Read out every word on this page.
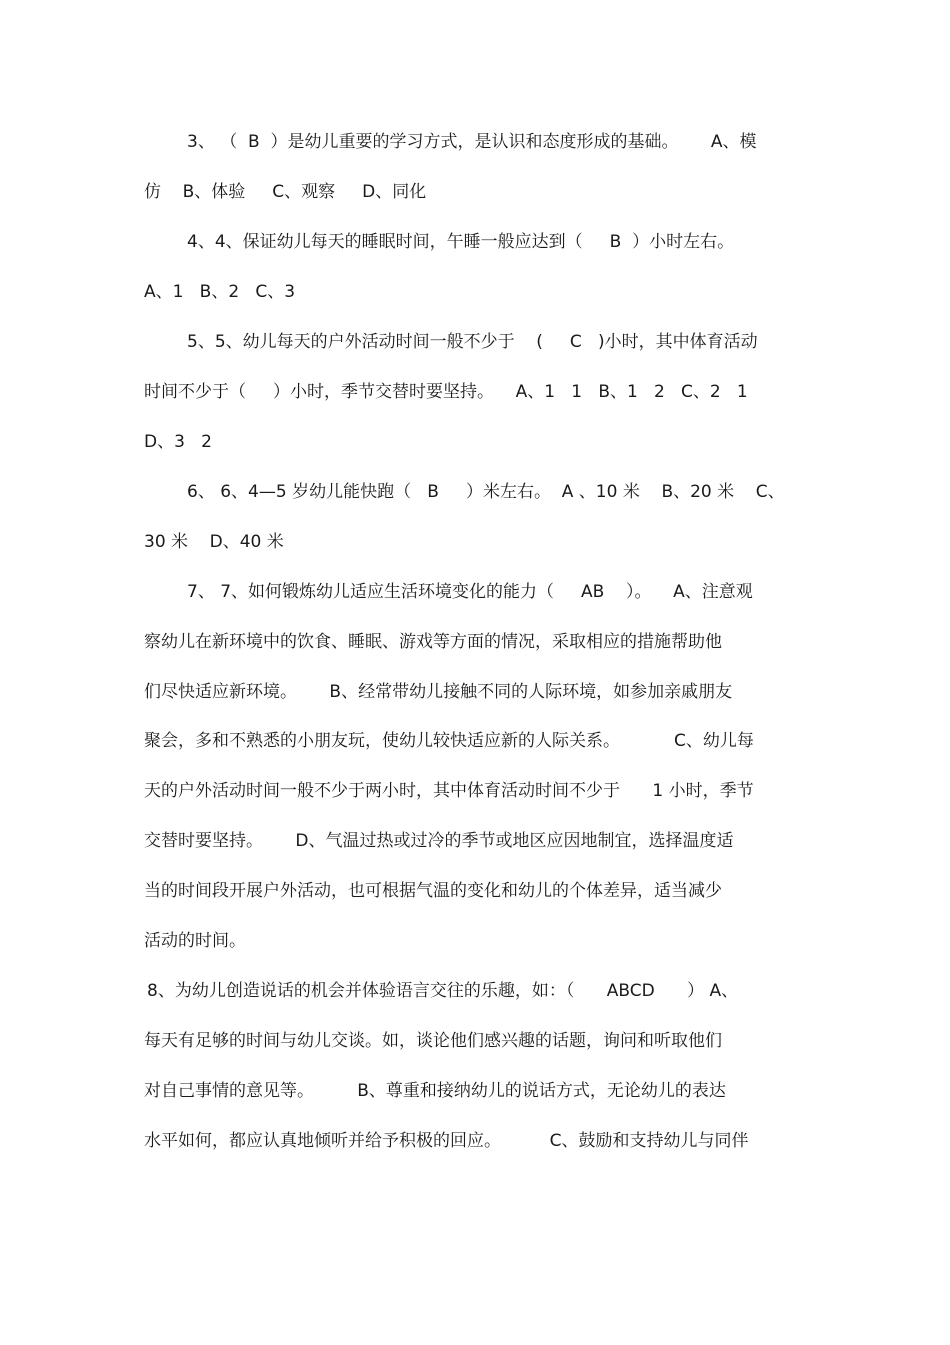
3、 （  B  ）是幼儿重要的学习方式，是认识和态度形成的基础。      A、模
仿    B、体验     C、观察     D、同化
4、4、保证幼儿每天的睡眠时间，午睡一般应达到（     B  ）小时左右。
A、1   B、2   C、3
5、5、幼儿每天的户外活动时间一般不少于    (     C   )小时，其中体育活动
时间不少于（     ）小时，季节交替时要坚持。    A、1   1   B、1   2   C、2   1
D、3   2
6、 6、4—5 岁幼儿能快跑（   B     ）米左右。  A 、10 米    B、20 米    C、
30 米    D、40 米
7、 7、如何锻炼幼儿适应生活环境变化的能力（     AB    ）。    A、注意观
察幼儿在新环境中的饮食、睡眠、游戏等方面的情况，采取相应的措施帮助他
们尽快适应新环境。      B、经常带幼儿接触不同的人际环境，如参加亲戚朋友
聚会，多和不熟悉的小朋友玩，使幼儿较快适应新的人际关系。          C、幼儿每
天的户外活动时间一般不少于两小时，其中体育活动时间不少于      1 小时，季节
交替时要坚持。      D、气温过热或过冷的季节或地区应因地制宜，选择温度适
当的时间段开展户外活动，也可根据气温的变化和幼儿的个体差异，适当减少
活动的时间。
8、为幼儿创造说话的机会并体验语言交往的乐趣，如：（      ABCD      ） A、
每天有足够的时间与幼儿交谈。如，谈论他们感兴趣的话题，询问和听取他们
对自己事情的意见等。        B、尊重和接纳幼儿的说话方式，无论幼儿的表达
水平如何，都应认真地倾听并给予积极的回应。         C、鼓励和支持幼儿与同伴
